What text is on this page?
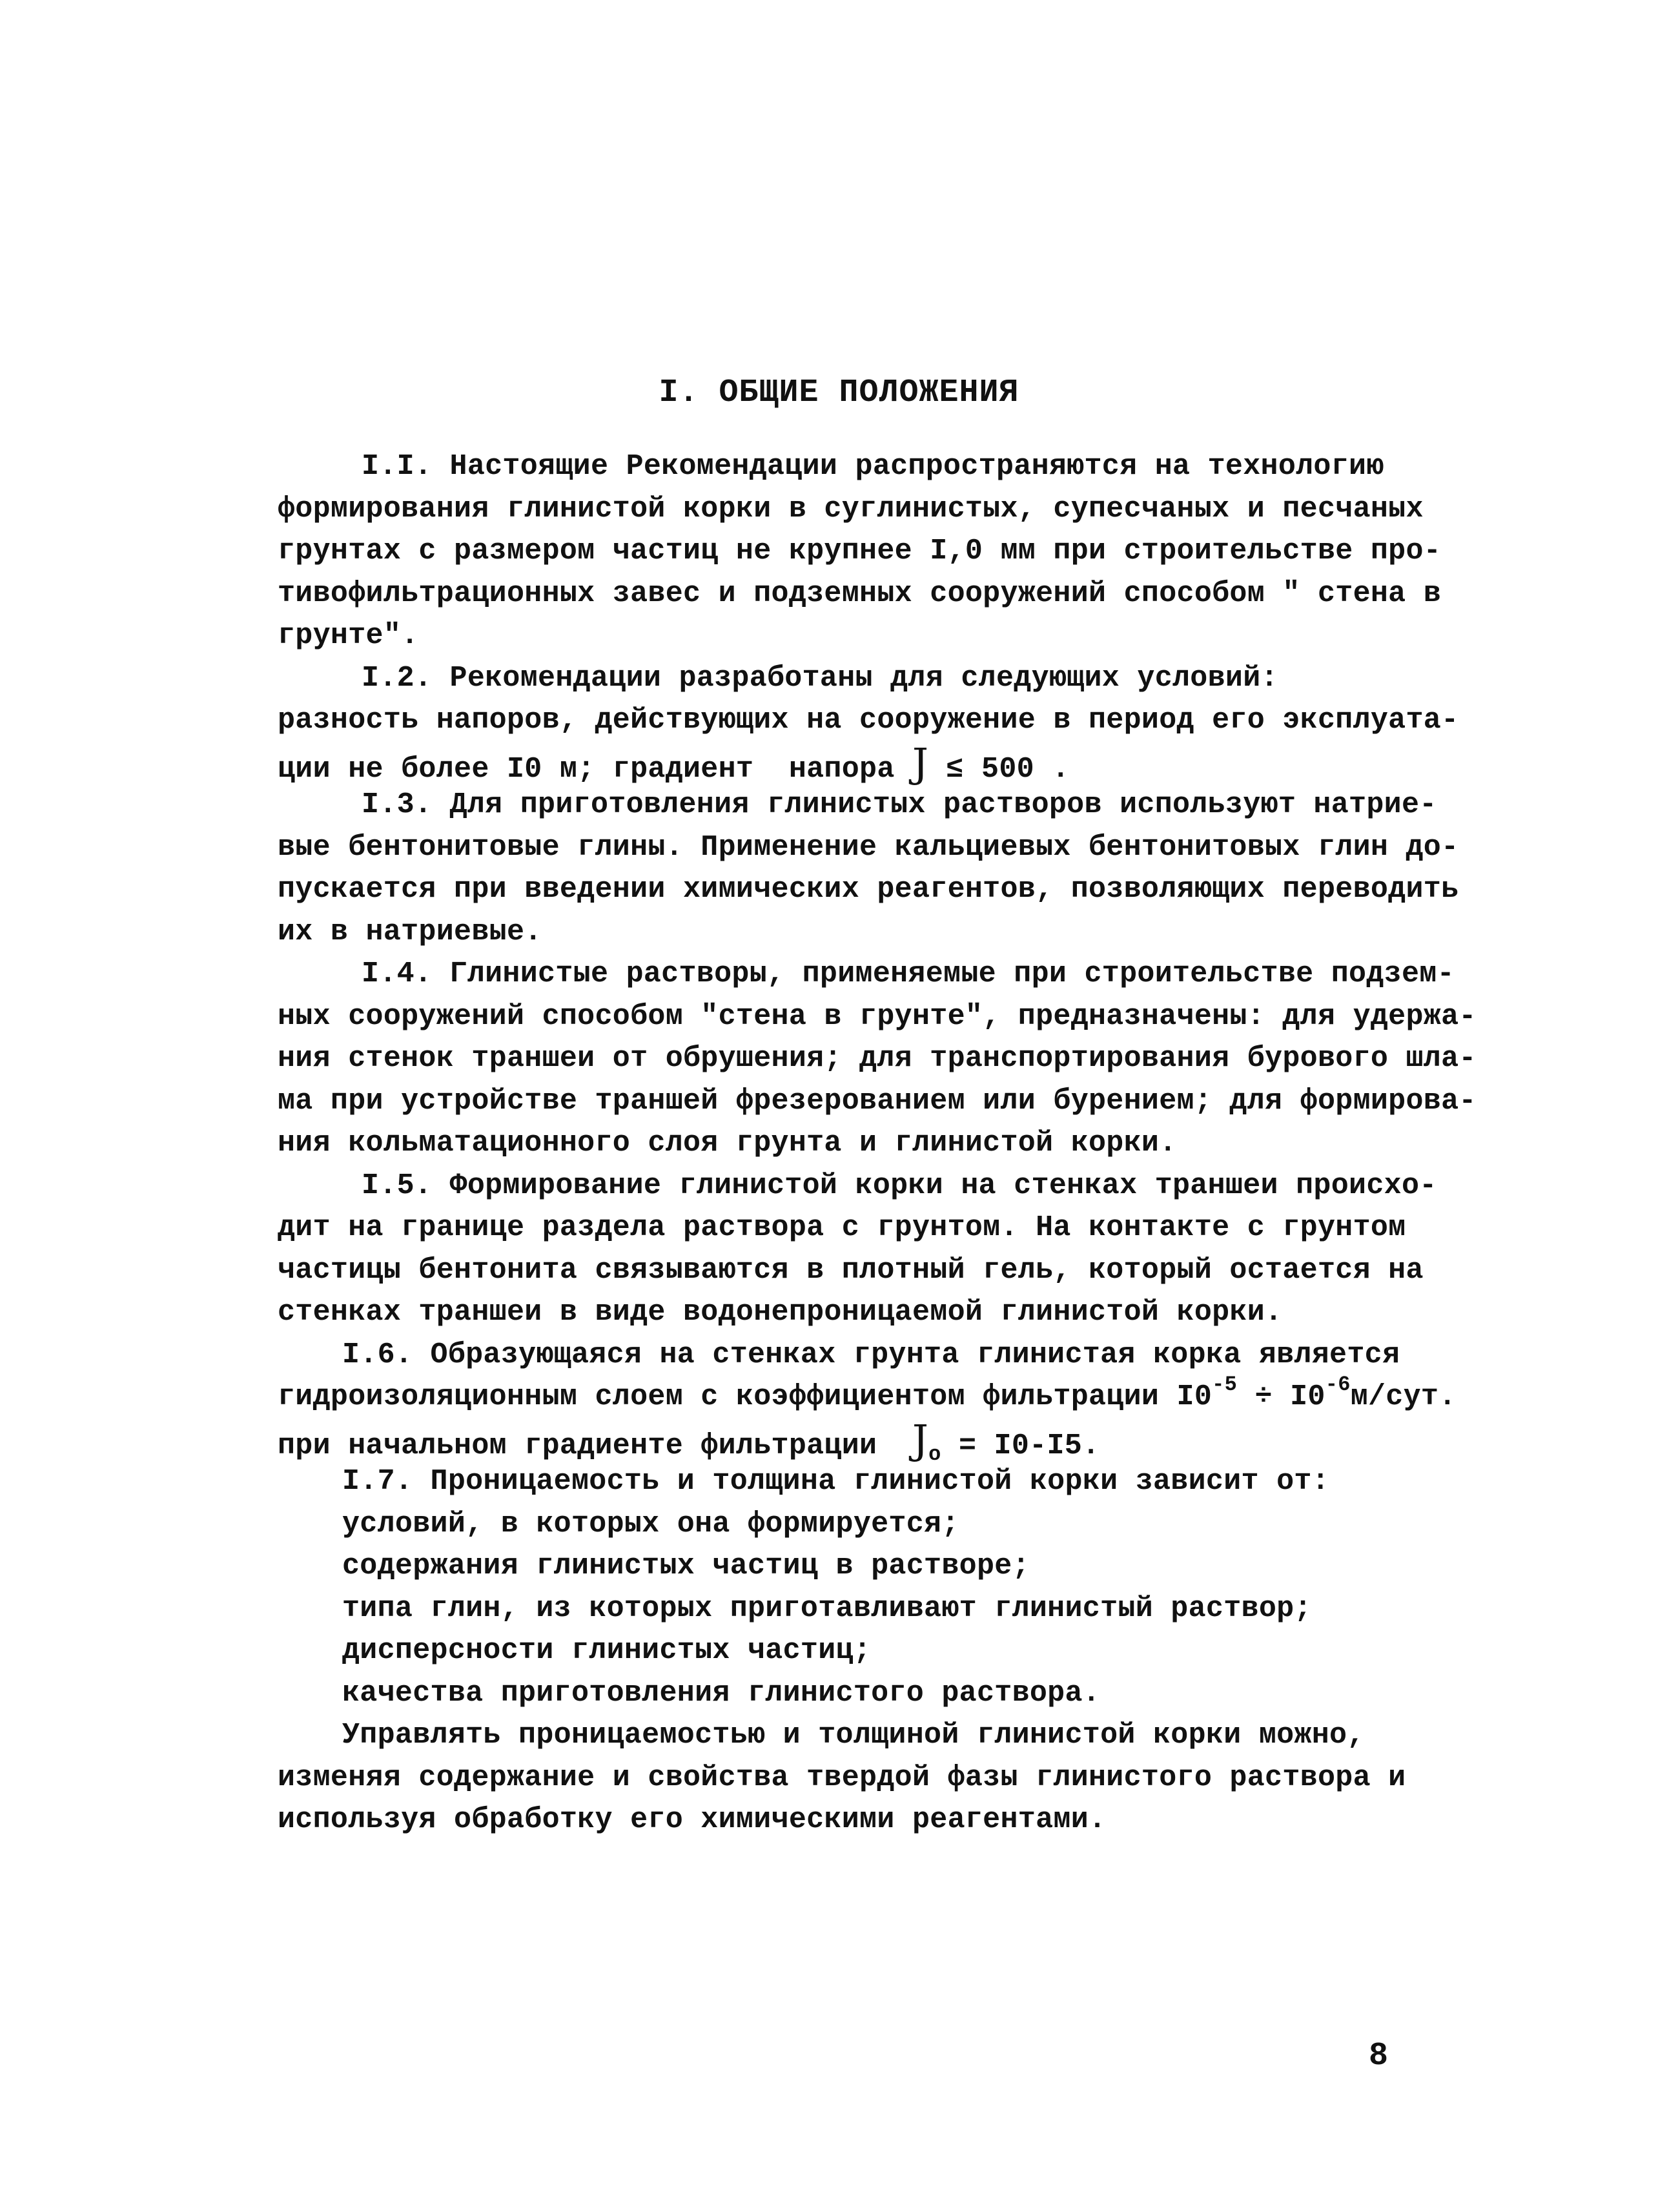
I. ОБЩИЕ ПОЛОЖЕНИЯ
I.I. Настоящие Рекомендации распространяются на технологию
формирования глинистой корки в суглинистых, супесчаных и песчаных
грунтах с размером частиц не крупнее I,0 мм при строительстве про-
тивофильтрационных завес и подземных сооружений способом " стена в
грунте".
I.2. Рекомендации разработаны для следующих условий:
разность напоров, действующих на сооружение в период его эксплуата-
ции не более I0 м; градиент  напора J ≤ 500 .
I.3. Для приготовления глинистых растворов используют натрие-
вые бентонитовые глины. Применение кальциевых бентонитовых глин до-
пускается при введении химических реагентов, позволяющих переводить
их в натриевые.
I.4. Глинистые растворы, применяемые при строительстве подзем-
ных сооружений способом "стена в грунте", предназначены: для удержа-
ния стенок траншеи от обрушения; для транспортирования бурового шла-
ма при устройстве траншей фрезерованием или бурением; для формирова-
ния кольматационного слоя грунта и глинистой корки.
I.5. Формирование глинистой корки на стенках траншеи происхо-
дит на границе раздела раствора с грунтом. На контакте с грунтом
частицы бентонита связываются в плотный гель, который остается на
стенках траншеи в виде водонепроницаемой глинистой корки.
I.6. Образующаяся на стенках грунта глинистая корка является
гидроизоляционным слоем с коэффициентом фильтрации $I0^{-5} \div I0^{-6}м/сут$.
при начальном градиенте фильтрации  $J_o = I0-I5$.
I.7. Проницаемость и толщина глинистой корки зависит от:
условий, в которых она формируется;
содержания глинистых частиц в растворе;
типа глин, из которых приготавливают глинистый раствор;
дисперсности глинистых частиц;
качества приготовления глинистого раствора.
Управлять проницаемостью и толщиной глинистой корки можно,
изменяя содержание и свойства твердой фазы глинистого раствора и
используя обработку его химическими реагентами.
8
